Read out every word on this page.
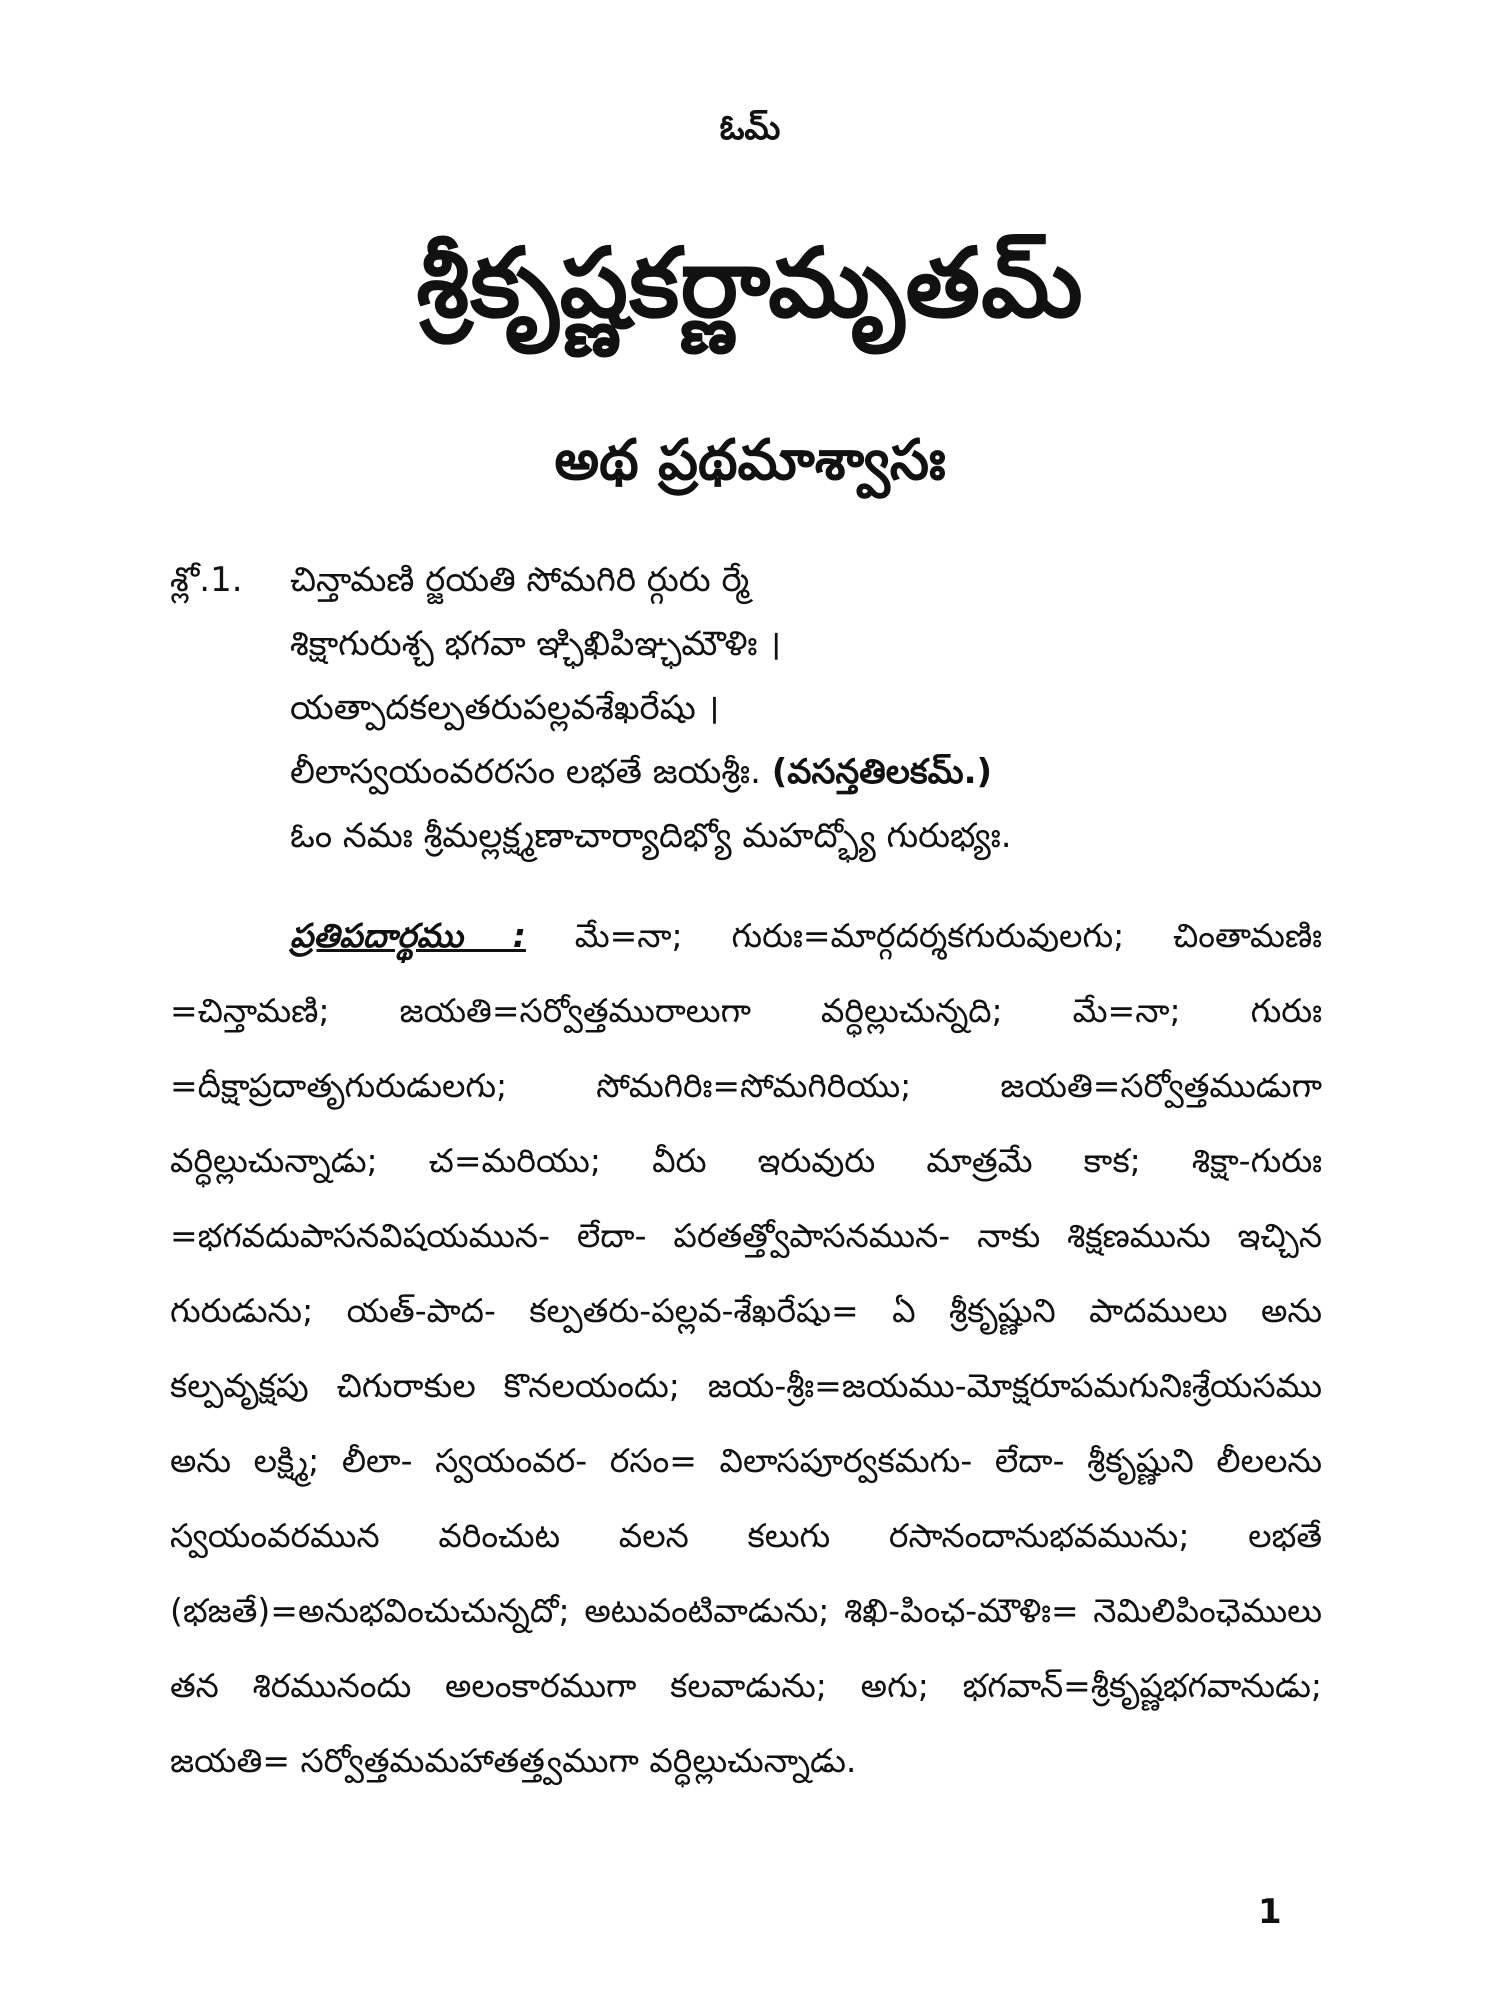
ఓమ్
శ్రీకృష్ణకర్ణామృతమ్
అథ ప్రథమాశ్వాసః
శ్లో.1. చిన్తామణి ర్జయతి సోమగిరి ర్గురు ర్మే
శిక్షాగురుశ్చ భగవా ఞ్ఛిఖిపిఞ్ఛమౌళిః ।
యత్పాదకల్పతరుపల్లవశేఖరేషు ।
లీలాస్వయంవరరసం లభతే జయశ్రీః. (వసన్తతిలకమ్.)
ఓం నమః శ్రీమల్లక్ష్మణాచార్యాదిభ్యో మహద్భ్యో గురుభ్యః.
ప్రతిపదార్థము : మే=నా; గురుః=మార్గదర్శకగురువులగు; చింతామణిః =చిన్తామణి; జయతి=సర్వోత్తమురాలుగా వర్ధిల్లుచున్నది; మే=నా; గురుః =దీక్షాప్రదాతృగురుడులగు; సోమగిరిః=సోమగిరియు; జయతి=సర్వోత్తముడుగా వర్ధిల్లుచున్నాడు; చ=మరియు; వీరు ఇరువురు మాత్రమే కాక; శిక్షా-గురుః =భగవదుపాసనవిషయమున- లేదా- పరతత్త్వోపాసనమున- నాకు శిక్షణమును ఇచ్చిన గురుడును; యత్-పాద- కల్పతరు-పల్లవ-శేఖరేషు= ఏ శ్రీకృష్ణుని పాదములు అను కల్పవృక్షపు చిగురాకుల కొనలయందు; జయ-శ్రీః=జయము-మోక్షరూపమగునిఃశ్రేయసము అను లక్ష్మి; లీలా- స్వయంవర- రసం= విలాసపూర్వకమగు- లేదా- శ్రీకృష్ణుని లీలలను స్వయంవరమున వరించుట వలన కలుగు రసానందానుభవమును; లభతే (భజతే)=అనుభవించుచున్నదో; అటువంటివాడును; శిఖి-పింఛ-మౌళిః= నెమిలిపింఛెములు తన శిరమునందు అలంకారముగా కలవాడును; అగు; భగవాన్=శ్రీకృష్ణభగవానుడు; జయతి= సర్వోత్తమమహాతత్త్వముగా వర్ధిల్లుచున్నాడు.
1
